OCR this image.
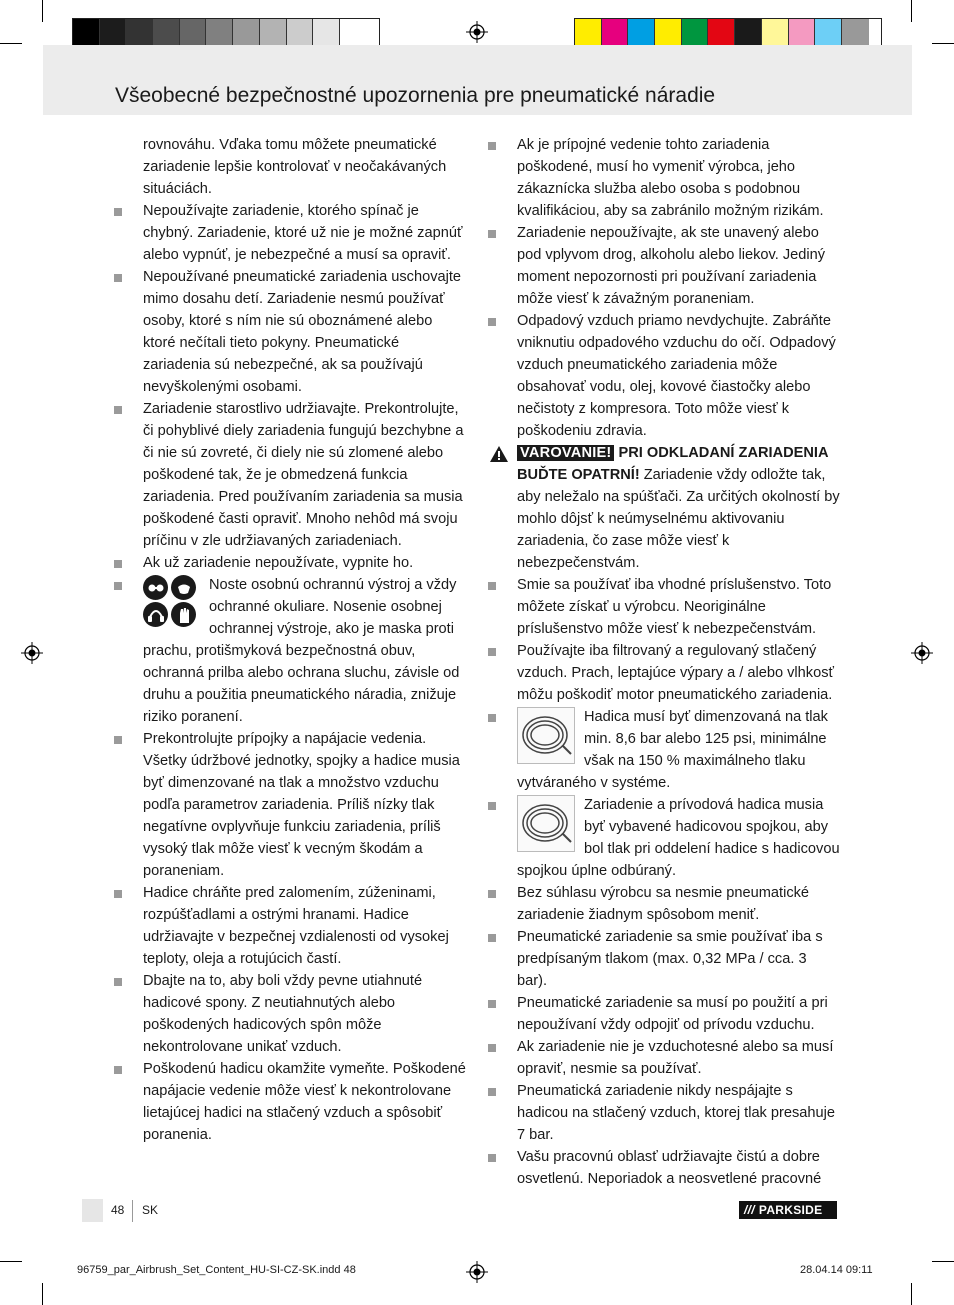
Všeobecné bezpečnostné upozornenia pre pneumatické náradie
rovnováhu. Vďaka tomu môžete pneumatické zariadenie lepšie kontrolovať v neočakávaných situáciách.
Nepoužívajte zariadenie, ktorého spínač je chybný. Zariadenie, ktoré už nie je možné zapnúť alebo vypnúť, je nebezpečné a musí sa opraviť.
Nepoužívané pneumatické zariadenia uschovajte mimo dosahu detí. Zariadenie nesmú používať osoby, ktoré s ním nie sú oboznámené alebo ktoré nečítali tieto pokyny. Pneumatické zariadenia sú nebezpečné, ak sa používajú nevyškolenými osobami.
Zariadenie starostlivo udržiavajte. Prekontrolujte, či pohyblivé diely zariadenia fungujú bezchybne a či nie sú zovreté, či diely nie sú zlomené alebo poškodené tak, že je obmedzená funkcia zariadenia. Pred používaním zariadenia sa musia poškodené časti opraviť. Mnoho nehôd má svoju príčinu v zle udržiavaných zariadeniach.
Ak už zariadenie nepoužívate, vypnite ho.
Noste osobnú ochrannú výstroj a vždy ochranné okuliare. Nosenie osobnej ochrannej výstroje, ako je maska proti prachu, protišmyková bezpečnostná obuv, ochranná prilba alebo ochrana sluchu, závisle od druhu a použitia pneumatického náradia, znižuje riziko poranení.
Prekontrolujte prípojky a napájacie vedenia. Všetky údržbové jednotky, spojky a hadice musia byť dimenzované na tlak a množstvo vzduchu podľa parametrov zariadenia. Príliš nízky tlak negatívne ovplyvňuje funkciu zariadenia, príliš vysoký tlak môže viesť k vecným škodám a poraneniam.
Hadice chráňte pred zalomením, zúženinami, rozpúšťadlami a ostrými hranami. Hadice udržiavajte v bezpečnej vzdialenosti od vysokej teploty, oleja a rotujúcich častí.
Dbajte na to, aby boli vždy pevne utiahnuté hadicové spony. Z neutiahnutých alebo poškodených hadicových spôn môže nekontrolovane unikať vzduch.
Poškodenú hadicu okamžite vymeňte. Poškodené napájacie vedenie môže viesť k nekontrolovane lietajúcej hadici na stlačený vzduch a spôsobiť poranenia.
Ak je prípojné vedenie tohto zariadenia poškodené, musí ho vymeniť výrobca, jeho zákaznícka služba alebo osoba s podobnou kvalifikáciou, aby sa zabránilo možným rizikám.
Zariadenie nepoužívajte, ak ste unavený alebo pod vplyvom drog, alkoholu alebo liekov. Jediný moment nepozornosti pri používaní zariadenia môže viesť k závažným poraneniam.
Odpadový vzduch priamo nevdychujte. Zabráňte vniknutiu odpadového vzduchu do očí. Odpadový vzduch pneumatického zariadenia môže obsahovať vodu, olej, kovové čiastočky alebo nečistoty z kompresora. Toto môže viesť k poškodeniu zdravia.
VAROVANIE! PRI ODKLADANÍ ZARIADENIA BUĎTE OPATRNÍ! Zariadenie vždy odložte tak, aby neležalo na spúšťači. Za určitých okolností by mohlo dôjsť k neúmyselnému aktivovaniu zariadenia, čo zase môže viesť k nebezpečenstvám.
Smie sa používať iba vhodné príslušenstvo. Toto môžete získať u výrobcu. Neoriginálne príslušenstvo môže viesť k nebezpečenstvám.
Používajte iba filtrovaný a regulovaný stlačený vzduch. Prach, leptajúce výpary a / alebo vlhkosť môžu poškodiť motor pneumatického zariadenia.
Hadica musí byť dimenzovaná na tlak min. 8,6 bar alebo 125 psi, minimálne však na 150 % maximálneho tlaku vytváraného v systéme.
Zariadenie a prívodová hadica musia byť vybavené hadicovou spojkou, aby bol tlak pri oddelení hadice s hadicovou spojkou úplne odbúraný.
Bez súhlasu výrobcu sa nesmie pneumatické zariadenie žiadnym spôsobom meniť.
Pneumatické zariadenie sa smie používať iba s predpísaným tlakom (max. 0,32 MPa / cca. 3 bar).
Pneumatické zariadenie sa musí po použití a pri nepoužívaní vždy odpojiť od prívodu vzduchu.
Ak zariadenie nie je vzduchotesné alebo sa musí opraviť, nesmie sa používať.
Pneumatická zariadenie nikdy nespájajte s hadicou na stlačený vzduch, ktorej tlak presahuje 7 bar.
Vašu pracovnú oblasť udržiavajte čistú a dobre osvetlenú. Neporiadok a neosvetlené pracovné
48 SK	/// PARKSIDE
96759_par_Airbrush_Set_Content_HU-SI-CZ-SK.indd 48	28.04.14 09:11
